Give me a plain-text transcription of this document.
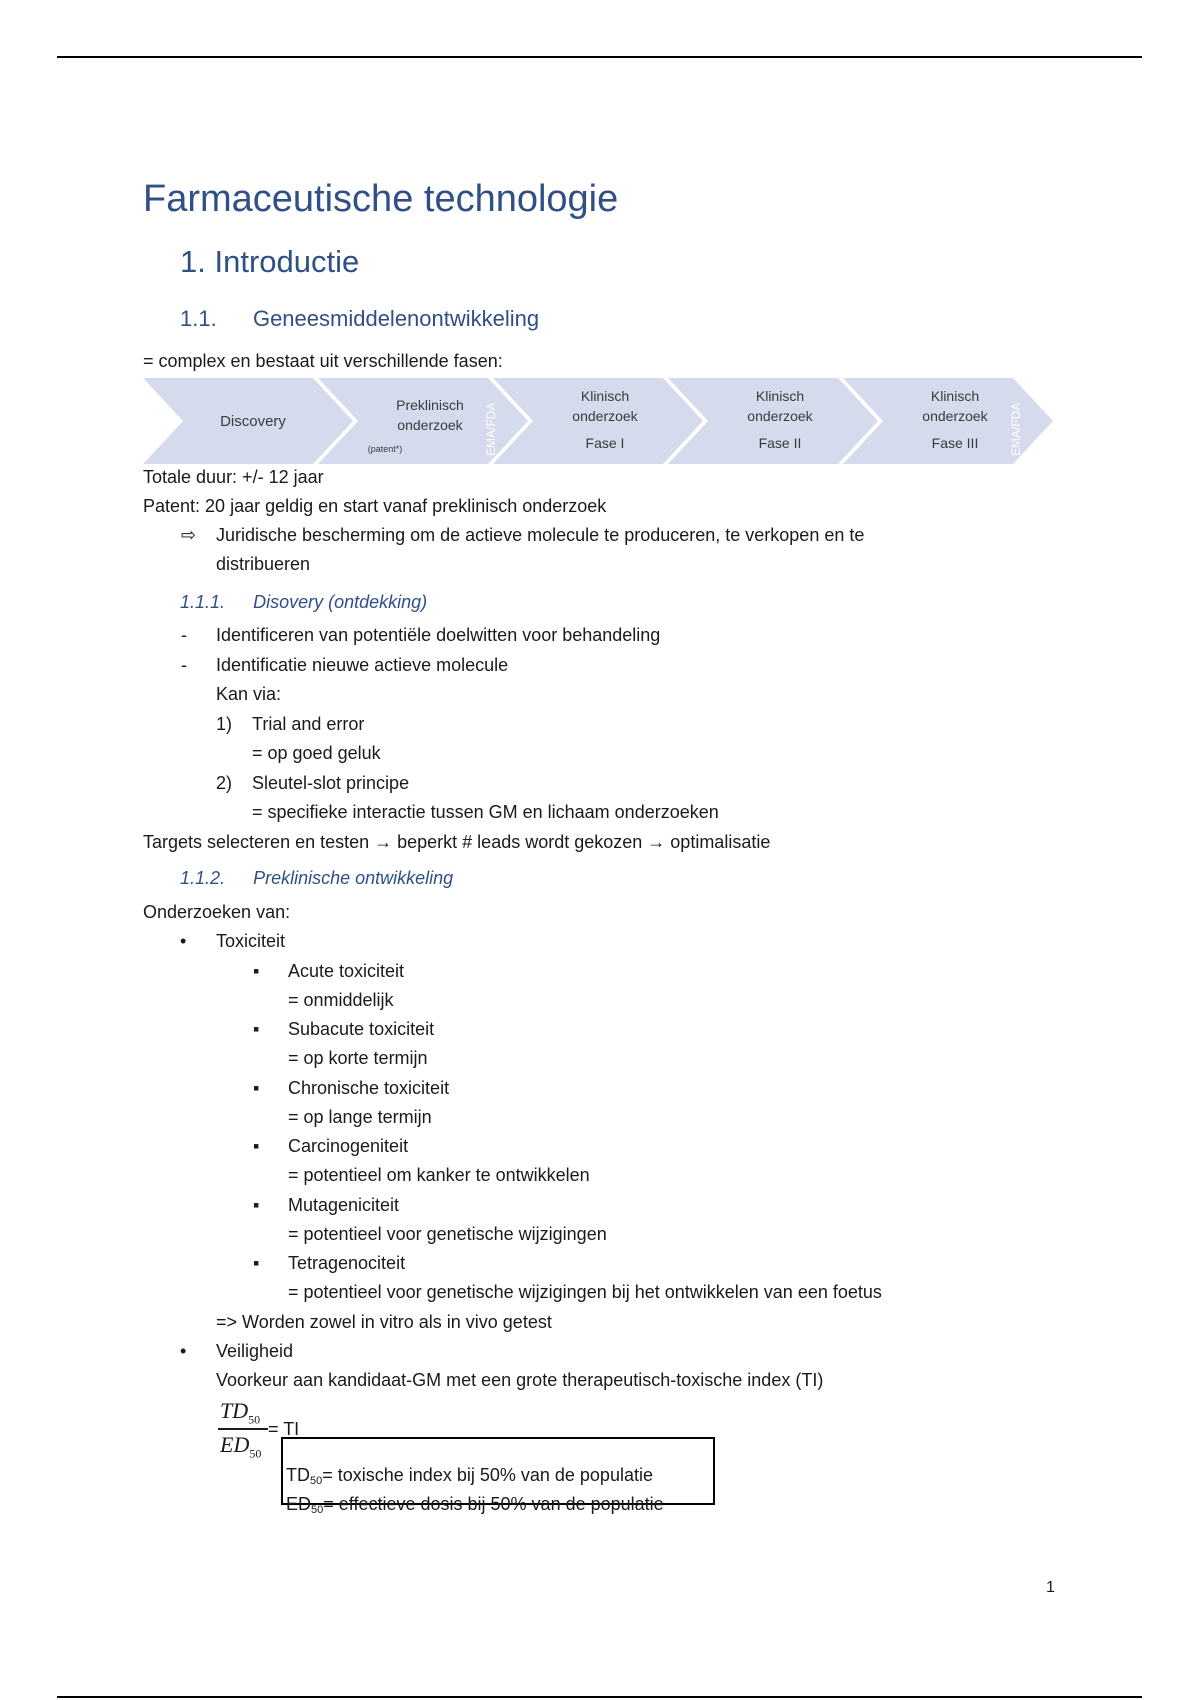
Farmaceutische technologie
1. Introductie
1.1. Geneesmiddelenontwikkeling
= complex en bestaat uit verschillende fasen:
Discovery
Preklinisch
onderzoek
(patent*)
Klinisch
onderzoek
Fase I
Klinisch
onderzoek
Fase II
Klinisch
onderzoek
Fase III
EMA/FDA	EMA/FDA
Totale duur: +/- 12 jaar
Patent: 20 jaar geldig en start vanaf preklinisch onderzoek
⇨ Juridische bescherming om de actieve molecule te produceren, te verkopen en te
distribueren
1.1.1. Disovery (ontdekking)
- Identificeren van potentiële doelwitten voor behandeling
- Identificatie nieuwe actieve molecule
Kan via:
1) Trial and error
= op goed geluk
2) Sleutel-slot principe
= specifieke interactie tussen GM en lichaam onderzoeken
Targets selecteren en testen → beperkt # leads wordt gekozen → optimalisatie
1.1.2. Preklinische ontwikkeling
Onderzoeken van:
• Toxiciteit
▪ Acute toxiciteit
= onmiddelijk
▪ Subacute toxiciteit
= op korte termijn
▪ Chronische toxiciteit
= op lange termijn
▪ Carcinogeniteit
= potentieel om kanker te ontwikkelen
▪ Mutageniciteit
= potentieel voor genetische wijzigingen
▪ Tetragenociteit
= potentieel voor genetische wijzigingen bij het ontwikkelen van een foetus
=> Worden zowel in vitro als in vivo getest
• Veiligheid
Voorkeur aan kandidaat-GM met een grote therapeutisch-toxische index (TI)
$TD_{50}$
$ED_{50}$
= TI
$TD_{50}=$ toxische index bij 50% van de populatie
$ED_{50}=$ effectieve dosis bij 50% van de populatie
1
